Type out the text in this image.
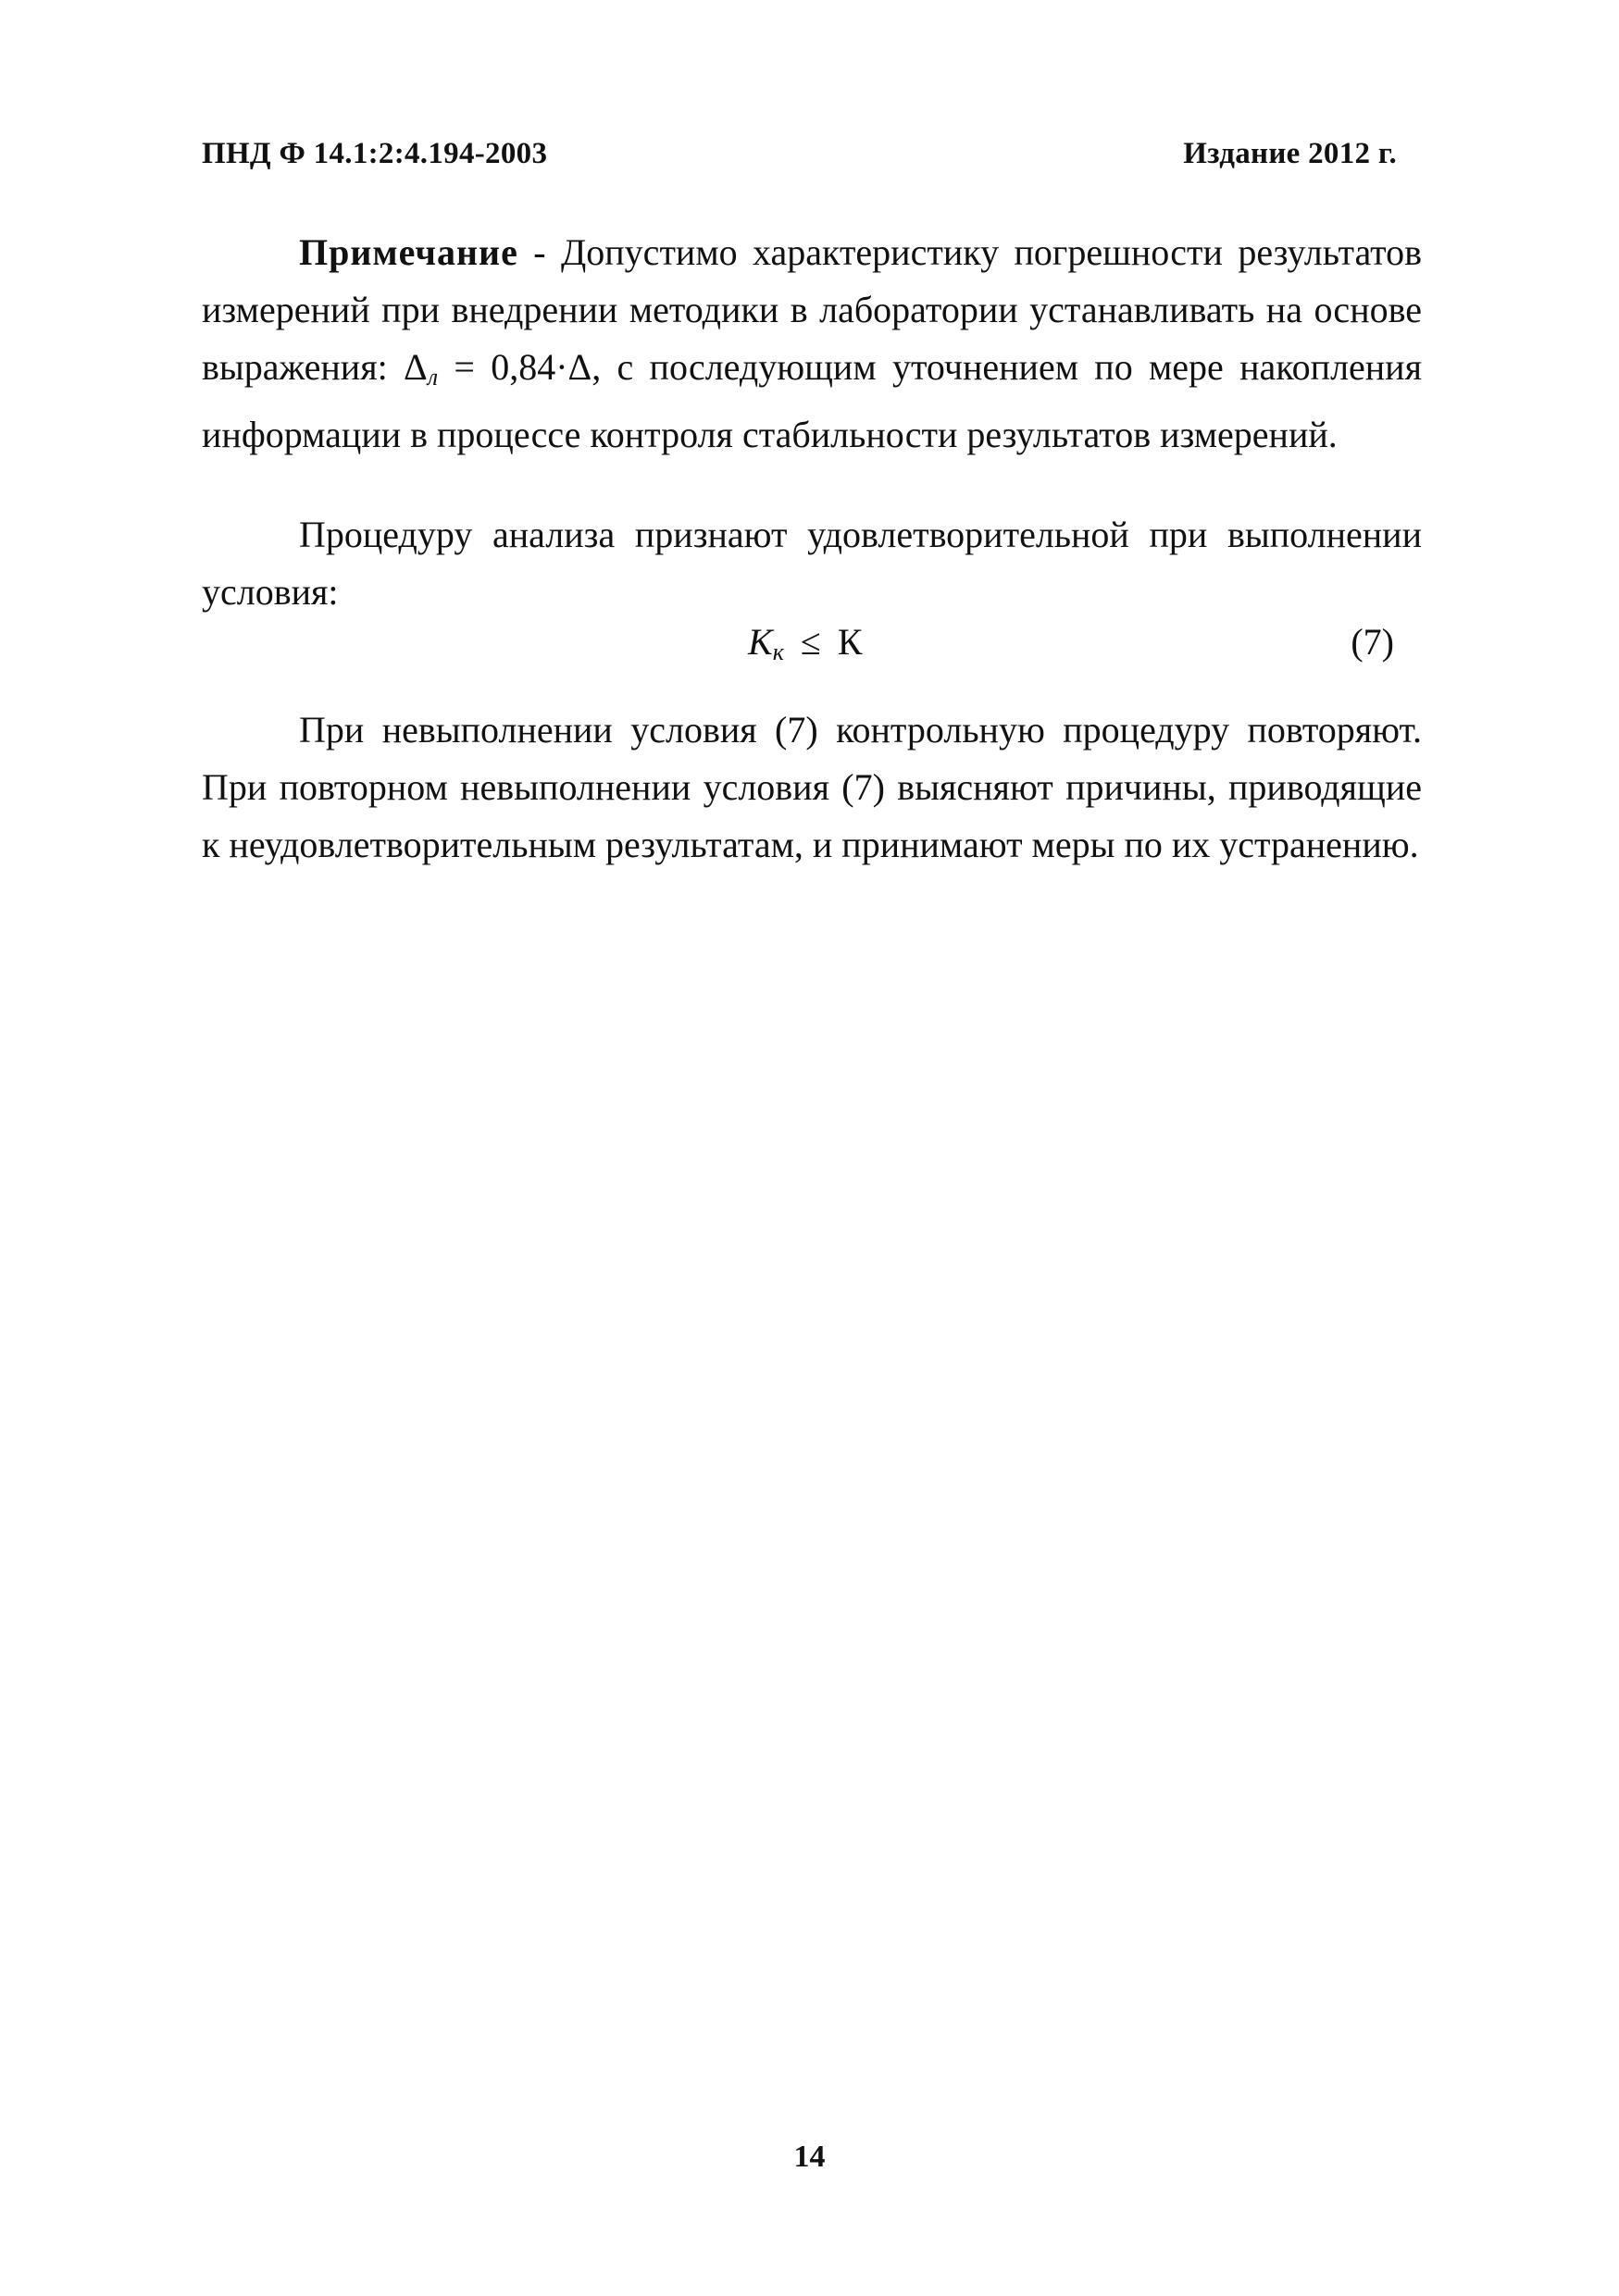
ПНД Ф 14.1:2:4.194-2003	Издание 2012 г.

Примечание - Допустимо характеристику погрешности результатов измерений при внедрении методики в лаборатории устанавливать на основе выражения: Δл = 0,84·Δ, с последующим уточнением по мере накопления информации в процессе контроля стабильности результатов измерений.

Процедуру анализа признают удовлетворительной при выполнении условия:

$K_к \le К$	(7)

При невыполнении условия (7) контрольную процедуру повторяют. При повторном невыполнении условия (7) выясняют причины, приводящие к неудовлетворительным результатам, и принимают меры по их устранению.

14
